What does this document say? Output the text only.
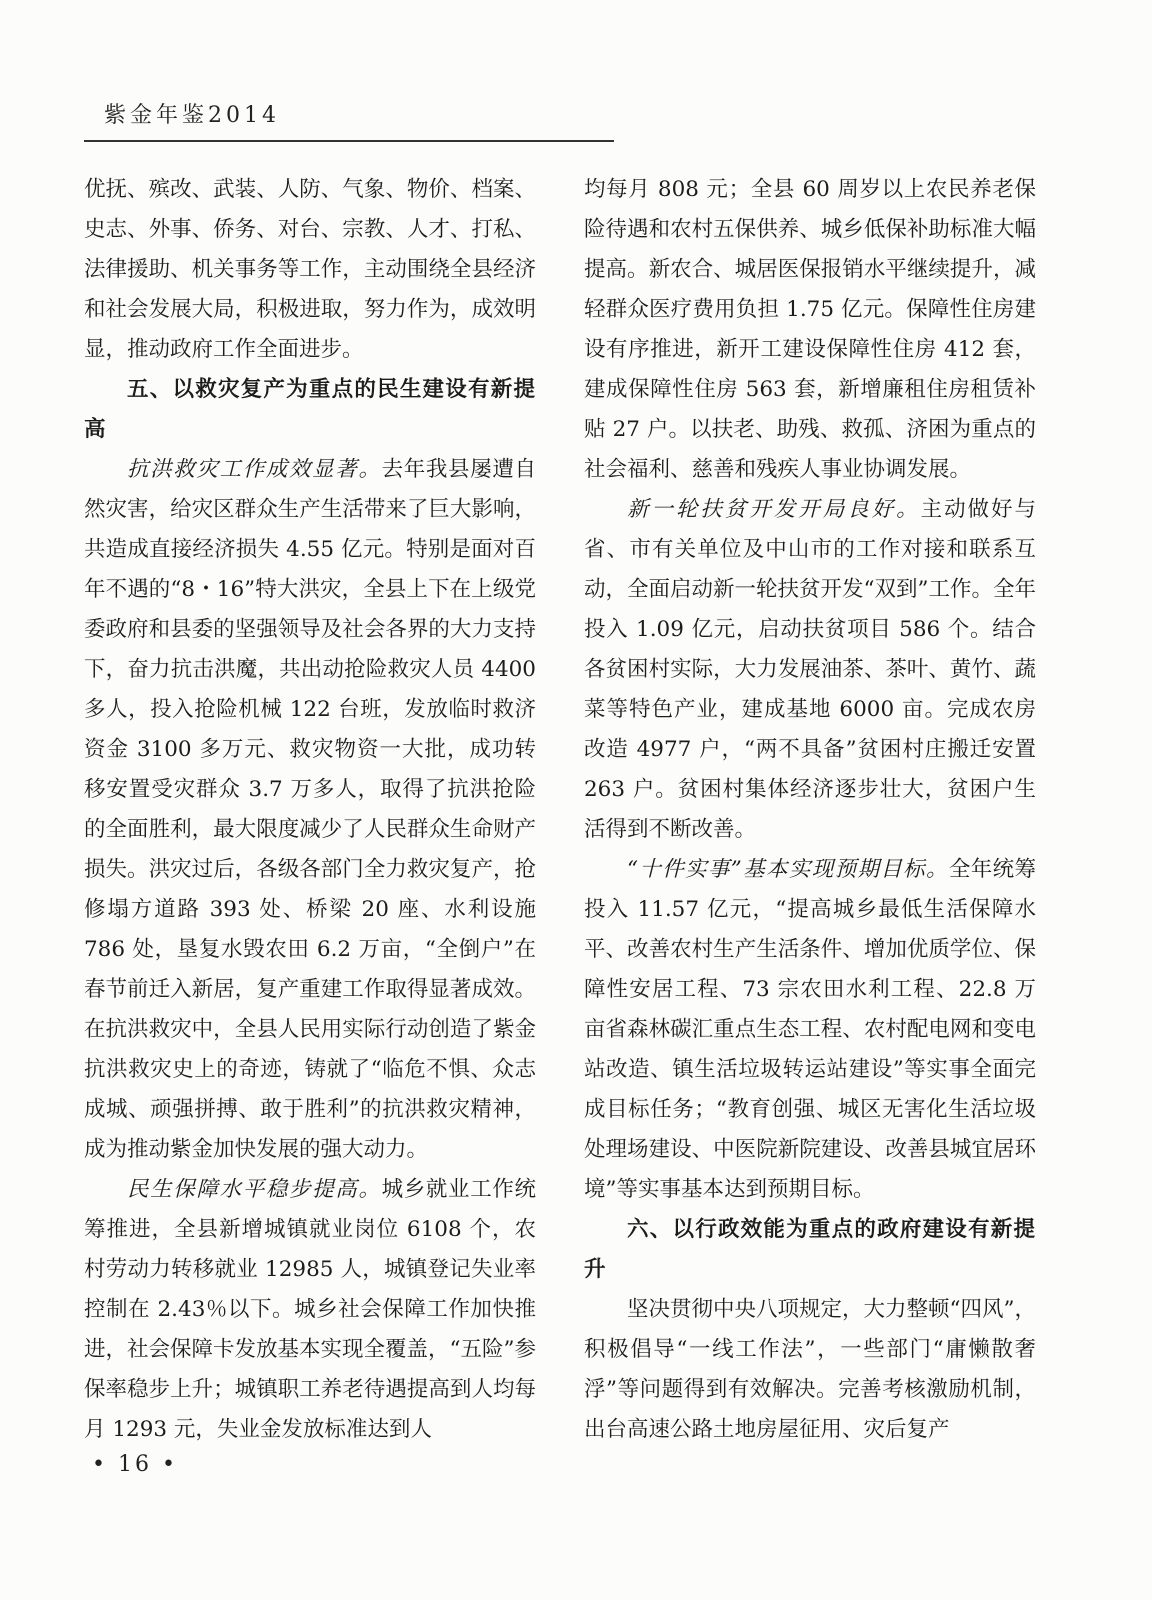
紫金年鉴2014

优抚、殡改、武装、人防、气象、物价、档案、史志、外事、侨务、对台、宗教、人才、打私、法律援助、机关事务等工作，主动围绕全县经济和社会发展大局，积极进取，努力作为，成效明显，推动政府工作全面进步。

五、以救灾复产为重点的民生建设有新提高

抗洪救灾工作成效显著。去年我县屡遭自然灾害，给灾区群众生产生活带来了巨大影响，共造成直接经济损失 4.55 亿元。特别是面对百年不遇的“8・16”特大洪灾，全县上下在上级党委政府和县委的坚强领导及社会各界的大力支持下，奋力抗击洪魔，共出动抢险救灾人员 4400 多人，投入抢险机械 122 台班，发放临时救济资金 3100 多万元、救灾物资一大批，成功转移安置受灾群众 3.7 万多人，取得了抗洪抢险的全面胜利，最大限度减少了人民群众生命财产损失。洪灾过后，各级各部门全力救灾复产，抢修塌方道路 393 处、桥梁 20 座、水利设施 786 处，垦复水毁农田 6.2 万亩，“全倒户”在春节前迁入新居，复产重建工作取得显著成效。在抗洪救灾中，全县人民用实际行动创造了紫金抗洪救灾史上的奇迹，铸就了“临危不惧、众志成城、顽强拼搏、敢于胜利”的抗洪救灾精神，成为推动紫金加快发展的强大动力。

民生保障水平稳步提高。城乡就业工作统筹推进，全县新增城镇就业岗位 6108 个，农村劳动力转移就业 12985 人，城镇登记失业率控制在 2.43％以下。城乡社会保障工作加快推进，社会保障卡发放基本实现全覆盖，“五险”参保率稳步上升；城镇职工养老待遇提高到人均每月 1293 元，失业金发放标准达到人

均每月 808 元；全县 60 周岁以上农民养老保险待遇和农村五保供养、城乡低保补助标准大幅提高。新农合、城居医保报销水平继续提升，减轻群众医疗费用负担 1.75 亿元。保障性住房建设有序推进，新开工建设保障性住房 412 套，建成保障性住房 563 套，新增廉租住房租赁补贴 27 户。以扶老、助残、救孤、济困为重点的社会福利、慈善和残疾人事业协调发展。

新一轮扶贫开发开局良好。主动做好与省、市有关单位及中山市的工作对接和联系互动，全面启动新一轮扶贫开发“双到”工作。全年投入 1.09 亿元，启动扶贫项目 586 个。结合各贫困村实际，大力发展油茶、茶叶、黄竹、蔬菜等特色产业，建成基地 6000 亩。完成农房改造 4977 户，“两不具备”贫困村庄搬迁安置 263 户。贫困村集体经济逐步壮大，贫困户生活得到不断改善。

“十件实事”基本实现预期目标。全年统筹投入 11.57 亿元，“提高城乡最低生活保障水平、改善农村生产生活条件、增加优质学位、保障性安居工程、73 宗农田水利工程、22.8 万亩省森林碳汇重点生态工程、农村配电网和变电站改造、镇生活垃圾转运站建设”等实事全面完成目标任务；“教育创强、城区无害化生活垃圾处理场建设、中医院新院建设、改善县城宜居环境”等实事基本达到预期目标。

六、以行政效能为重点的政府建设有新提升

坚决贯彻中央八项规定，大力整顿“四风”，积极倡导“一线工作法”，一些部门“庸懒散奢浮”等问题得到有效解决。完善考核激励机制，出台高速公路土地房屋征用、灾后复产

• 16 •
